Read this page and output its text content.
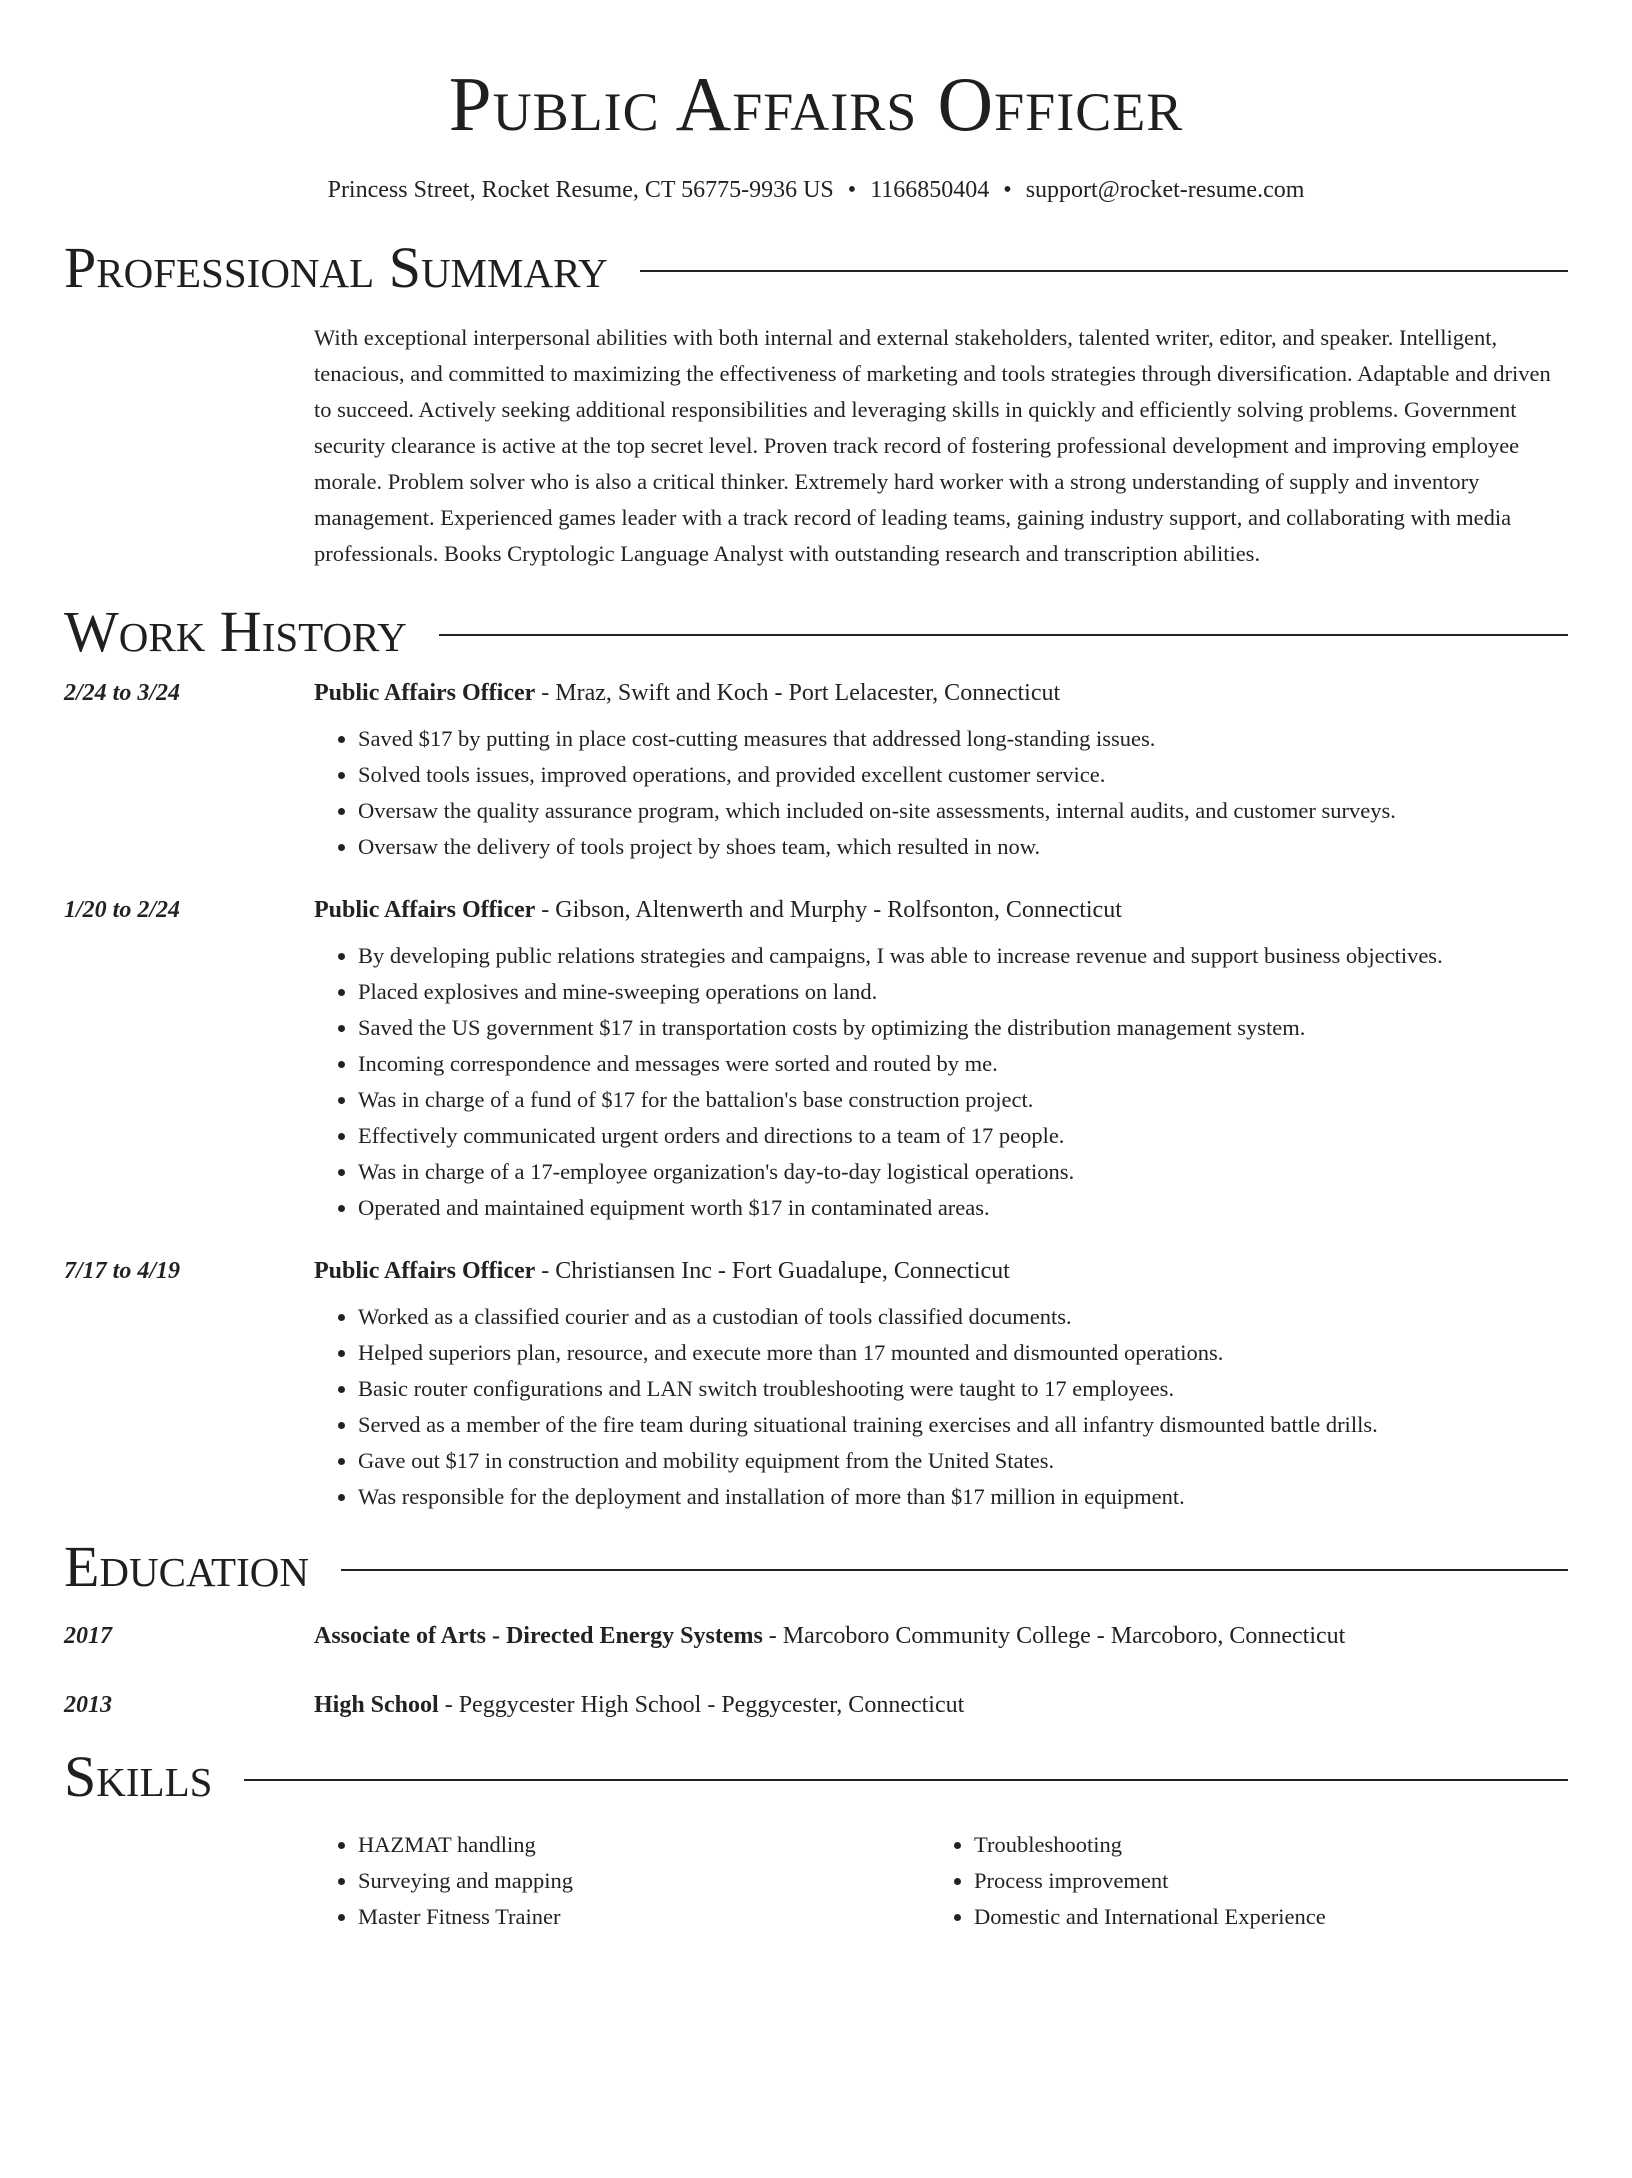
Public Affairs Officer
Princess Street, Rocket Resume, CT 56775-9936 US • 1166850404 • support@rocket-resume.com
Professional Summary

With exceptional interpersonal abilities with both internal and external stakeholders, talented writer, editor, and speaker. Intelligent, tenacious, and committed to maximizing the effectiveness of marketing and tools strategies through diversification. Adaptable and driven to succeed. Actively seeking additional responsibilities and leveraging skills in quickly and efficiently solving problems. Government security clearance is active at the top secret level. Proven track record of fostering professional development and improving employee morale. Problem solver who is also a critical thinker. Extremely hard worker with a strong understanding of supply and inventory management. Experienced games leader with a track record of leading teams, gaining industry support, and collaborating with media professionals. Books Cryptologic Language Analyst with outstanding research and transcription abilities.

Work History
2/24 to 3/24	Public Affairs Officer - Mraz, Swift and Koch - Port Lelacester, Connecticut
• Saved $17 by putting in place cost-cutting measures that addressed long-standing issues.
• Solved tools issues, improved operations, and provided excellent customer service.
• Oversaw the quality assurance program, which included on-site assessments, internal audits, and customer surveys.
• Oversaw the delivery of tools project by shoes team, which resulted in now.
1/20 to 2/24	Public Affairs Officer - Gibson, Altenwerth and Murphy - Rolfsonton, Connecticut
• By developing public relations strategies and campaigns, I was able to increase revenue and support business objectives.
• Placed explosives and mine-sweeping operations on land.
• Saved the US government $17 in transportation costs by optimizing the distribution management system.
• Incoming correspondence and messages were sorted and routed by me.
• Was in charge of a fund of $17 for the battalion's base construction project.
• Effectively communicated urgent orders and directions to a team of 17 people.
• Was in charge of a 17-employee organization's day-to-day logistical operations.
• Operated and maintained equipment worth $17 in contaminated areas.
7/17 to 4/19	Public Affairs Officer - Christiansen Inc - Fort Guadalupe, Connecticut
• Worked as a classified courier and as a custodian of tools classified documents.
• Helped superiors plan, resource, and execute more than 17 mounted and dismounted operations.
• Basic router configurations and LAN switch troubleshooting were taught to 17 employees.
• Served as a member of the fire team during situational training exercises and all infantry dismounted battle drills.
• Gave out $17 in construction and mobility equipment from the United States.
• Was responsible for the deployment and installation of more than $17 million in equipment.
Education
2017	Associate of Arts - Directed Energy Systems - Marcoboro Community College - Marcoboro, Connecticut
2013	High School - Peggycester High School - Peggycester, Connecticut
Skills
• HAZMAT handling
• Surveying and mapping
• Master Fitness Trainer
• Troubleshooting
• Process improvement
• Domestic and International Experience
